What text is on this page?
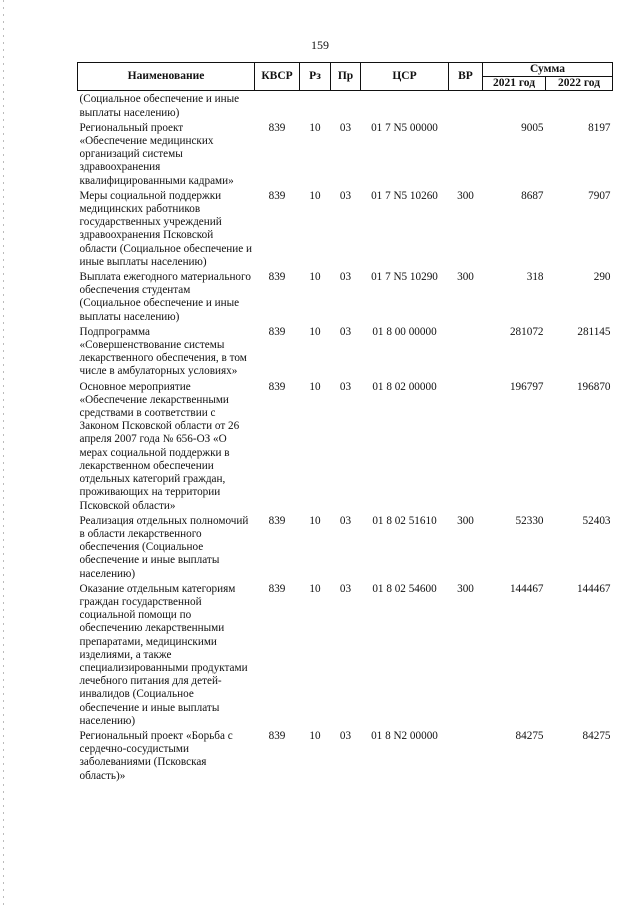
159
Наименование	КВСР	Рз	Пр	ЦСР	ВР	Сумма	
						2021 год	2022 год
(Социальное обеспечение и иные выплаты населению)							
Региональный проект «Обеспечение медицинских организаций системы здравоохранения квалифицированными кадрами»	839	10	03	01 7 N5 00000		9005	8197
Меры социальной поддержки медицинских работников государственных учреждений здравоохранения Псковской области (Социальное обеспечение и иные выплаты населению)	839	10	03	01 7 N5 10260	300	8687	7907
Выплата ежегодного материального обеспечения студентам (Социальное обеспечение и иные выплаты населению)	839	10	03	01 7 N5 10290	300	318	290
Подпрограмма «Совершенствование системы лекарственного обеспечения, в том числе в амбулаторных условиях»	839	10	03	01 8 00 00000		281072	281145
Основное мероприятие «Обеспечение лекарственными средствами в соответствии с Законом Псковской области от 26 апреля 2007 года № 656-ОЗ «О мерах социальной поддержки в лекарственном обеспечении отдельных категорий граждан, проживающих на территории Псковской области»	839	10	03	01 8 02 00000		196797	196870
Реализация отдельных полномочий в области лекарственного обеспечения (Социальное обеспечение и иные выплаты населению)	839	10	03	01 8 02 51610	300	52330	52403
Оказание отдельным категориям граждан государственной социальной помощи по обеспечению лекарственными препаратами, медицинскими изделиями, а также специализированными продуктами лечебного питания для детей-инвалидов (Социальное обеспечение и иные выплаты населению)	839	10	03	01 8 02 54600	300	144467	144467
Региональный проект «Борьба с сердечно-сосудистыми заболеваниями (Псковская область)»	839	10	03	01 8 N2 00000		84275	84275
